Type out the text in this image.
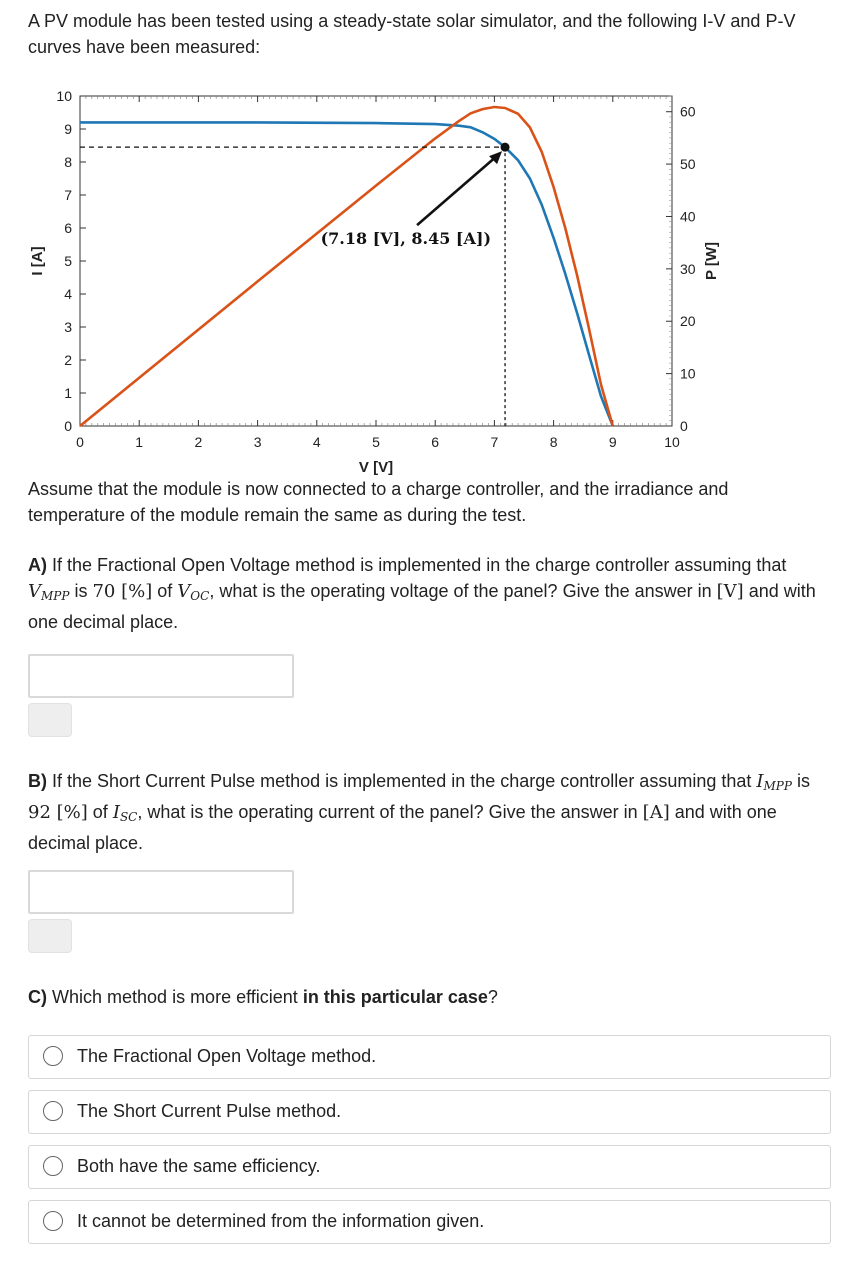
A PV module has been tested using a steady-state solar simulator, and the following I-V and P-V curves have been measured:
0	1	2	3	4	5	6	7	8	9	10
0
1
2
3
4
5
6
7
8
9
10
0
10
20
30
40
50
60
(7.18 [V], 8.45 [A])
I [A]	P [W]
V [V]
Assume that the module is now connected to a charge controller, and the irradiance and temperature of the module remain the same as during the test.
A) If the Fractional Open Voltage method is implemented in the charge controller assuming that $V_{MPP}$ is 70 [%] of $V_{OC}$, what is the operating voltage of the panel? Give the answer in [V] and with one decimal place.
B) If the Short Current Pulse method is implemented in the charge controller assuming that $I_{MPP}$ is 92 [%] of $I_{SC}$, what is the operating current of the panel? Give the answer in [A] and with one decimal place.
C) Which method is more efficient in this particular case?
The Fractional Open Voltage method.
The Short Current Pulse method.
Both have the same efficiency.
It cannot be determined from the information given.
